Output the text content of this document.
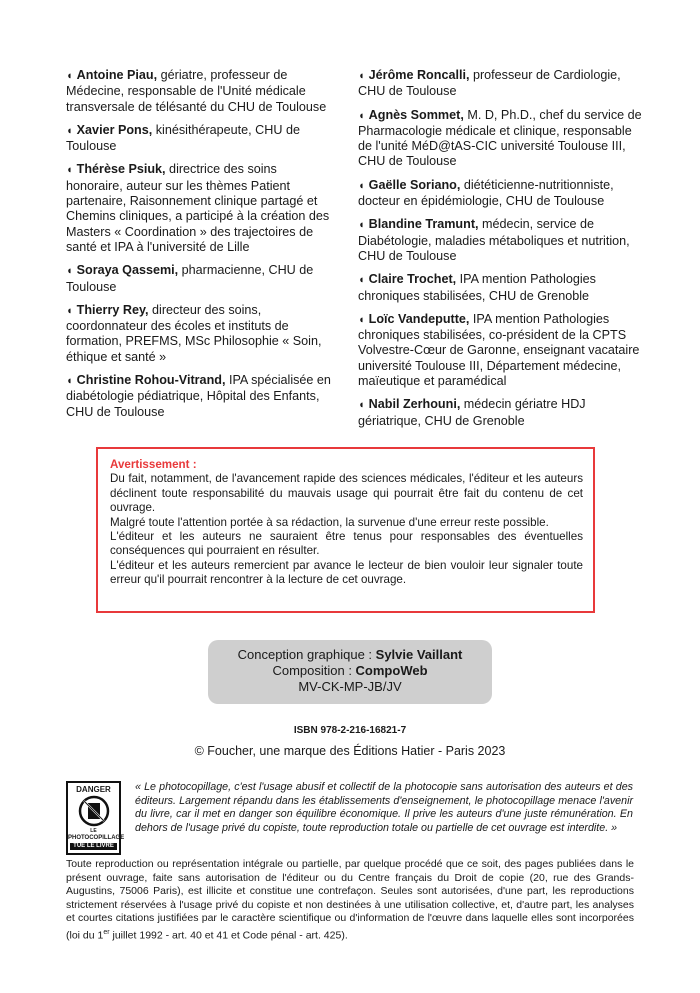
◖ Antoine Piau, gériatre, professeur de Médecine, responsable de l'Unité médicale transversale de télésanté du CHU de Toulouse
◖ Xavier Pons, kinésithérapeute, CHU de Toulouse
◖ Thérèse Psiuk, directrice des soins honoraire, auteur sur les thèmes Patient partenaire, Raisonnement clinique partagé et Chemins cliniques, a participé à la création des Masters « Coordination » des trajectoires de santé et IPA à l'université de Lille
◖ Soraya Qassemi, pharmacienne, CHU de Toulouse
◖ Thierry Rey, directeur des soins, coordonnateur des écoles et instituts de formation, PREFMS, MSc Philosophie « Soin, éthique et santé »
◖ Christine Rohou-Vitrand, IPA spécialisée en diabétologie pédiatrique, Hôpital des Enfants, CHU de Toulouse
◖ Jérôme Roncalli, professeur de Cardiologie, CHU de Toulouse
◖ Agnès Sommet, M. D, Ph.D., chef du service de Pharmacologie médicale et clinique, responsable de l'unité MéD@tAS-CIC université Toulouse III, CHU de Toulouse
◖ Gaëlle Soriano, diététicienne-nutritionniste, docteur en épidémiologie, CHU de Toulouse
◖ Blandine Tramunt, médecin, service de Diabétologie, maladies métaboliques et nutrition, CHU de Toulouse
◖ Claire Trochet, IPA mention Pathologies chroniques stabilisées, CHU de Grenoble
◖ Loïc Vandeputte, IPA mention Pathologies chroniques stabilisées, co-président de la CPTS Volvestre-Cœur de Garonne, enseignant vacataire université Toulouse III, Département médecine, maïeutique et paramédical
◖ Nabil Zerhouni, médecin gériatre HDJ gériatrique, CHU de Grenoble
Avertissement :

Du fait, notamment, de l'avancement rapide des sciences médicales, l'éditeur et les auteurs déclinent toute responsabilité du mauvais usage qui pourrait être fait du contenu de cet ouvrage.

Malgré toute l'attention portée à sa rédaction, la survenue d'une erreur reste possible.

L'éditeur et les auteurs ne sauraient être tenus pour responsables des éventuelles conséquences qui pourraient en résulter.

L'éditeur et les auteurs remercient par avance le lecteur de bien vouloir leur signaler toute erreur qu'il pourrait rencontrer à la lecture de cet ouvrage.

Conception graphique : Sylvie Vaillant
Composition : CompoWeb
MV-CK-MP-JB/JV
ISBN 978-2-216-16821-7
© Foucher, une marque des Éditions Hatier - Paris 2023
DANGER
LE
PHOTOCOPILLAGE
TUE LE LIVRE
« Le photocopillage, c'est l'usage abusif et collectif de la photocopie sans autorisation des auteurs et des éditeurs. Largement répandu dans les établissements d'enseignement, le photocopillage menace l'avenir du livre, car il met en danger son équilibre économique. Il prive les auteurs d'une juste rémunération. En dehors de l'usage privé du copiste, toute reproduction totale ou partielle de cet ouvrage est interdite. »
Toute reproduction ou représentation intégrale ou partielle, par quelque procédé que ce soit, des pages publiées dans le présent ouvrage, faite sans autorisation de l'éditeur ou du Centre français du Droit de copie (20, rue des Grands-Augustins, 75006 Paris), est illicite et constitue une contrefaçon. Seules sont autorisées, d'une part, les reproductions strictement réservées à l'usage privé du copiste et non destinées à une utilisation collective, et, d'autre part, les analyses et courtes citations justifiées par le caractère scientifique ou d'information de l'œuvre dans laquelle elles sont incorporées (loi du 1er juillet 1992 - art. 40 et 41 et Code pénal - art. 425).
